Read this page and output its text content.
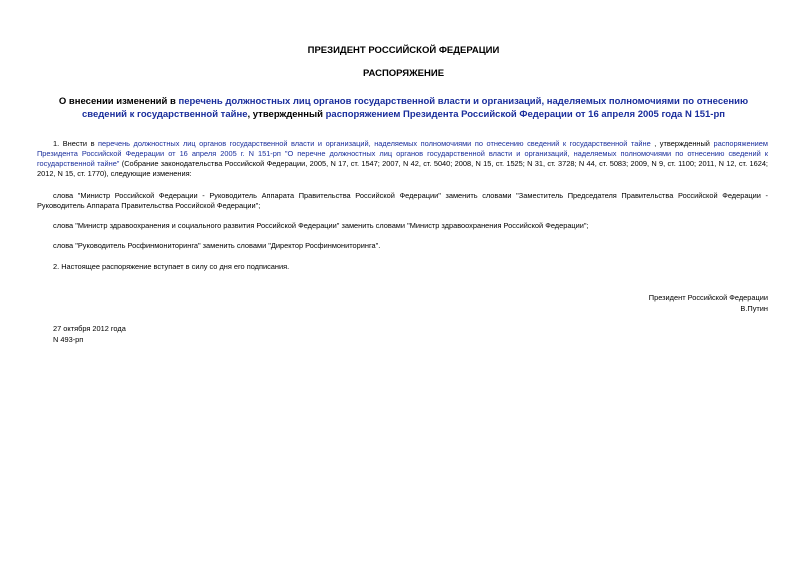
ПРЕЗИДЕНТ РОССИЙСКОЙ ФЕДЕРАЦИИ

РАСПОРЯЖЕНИЕ

О внесении изменений в перечень должностных лиц органов государственной власти и организаций, наделяемых полномочиями по отнесению сведений к государственной тайне, утвержденный распоряжением Президента Российской Федерации от 16 апреля 2005 года N 151-рп

1. Внести в перечень должностных лиц органов государственной власти и организаций, наделяемых полномочиями по отнесению сведений к государственной тайне , утвержденный распоряжением Президента Российской Федерации от 16 апреля 2005 г. N 151-рп "О перечне должностных лиц органов государственной власти и организаций, наделяемых полномочиями по отнесению сведений к государственной тайне" (Собрание законодательства Российской Федерации, 2005, N 17, ст. 1547; 2007, N 42, ст. 5040; 2008, N 15, ст. 1525; N 31, ст. 3728; N 44, ст. 5083; 2009, N 9, ст. 1100; 2011, N 12, ст. 1624; 2012, N 15, ст. 1770), следующие изменения:

слова "Министр Российской Федерации - Руководитель Аппарата Правительства Российской Федерации" заменить словами "Заместитель Председателя Правительства Российской Федерации - Руководитель Аппарата Правительства Российской Федерации";

слова "Министр здравоохранения и социального развития Российской Федерации" заменить словами "Министр здравоохранения Российской Федерации";

слова "Руководитель Росфинмониторинга" заменить словами "Директор Росфинмониторинга".

2. Настоящее распоряжение вступает в силу со дня его подписания.

Президент Российской Федерации
В.Путин
27 октября 2012 года
N 493-рп
